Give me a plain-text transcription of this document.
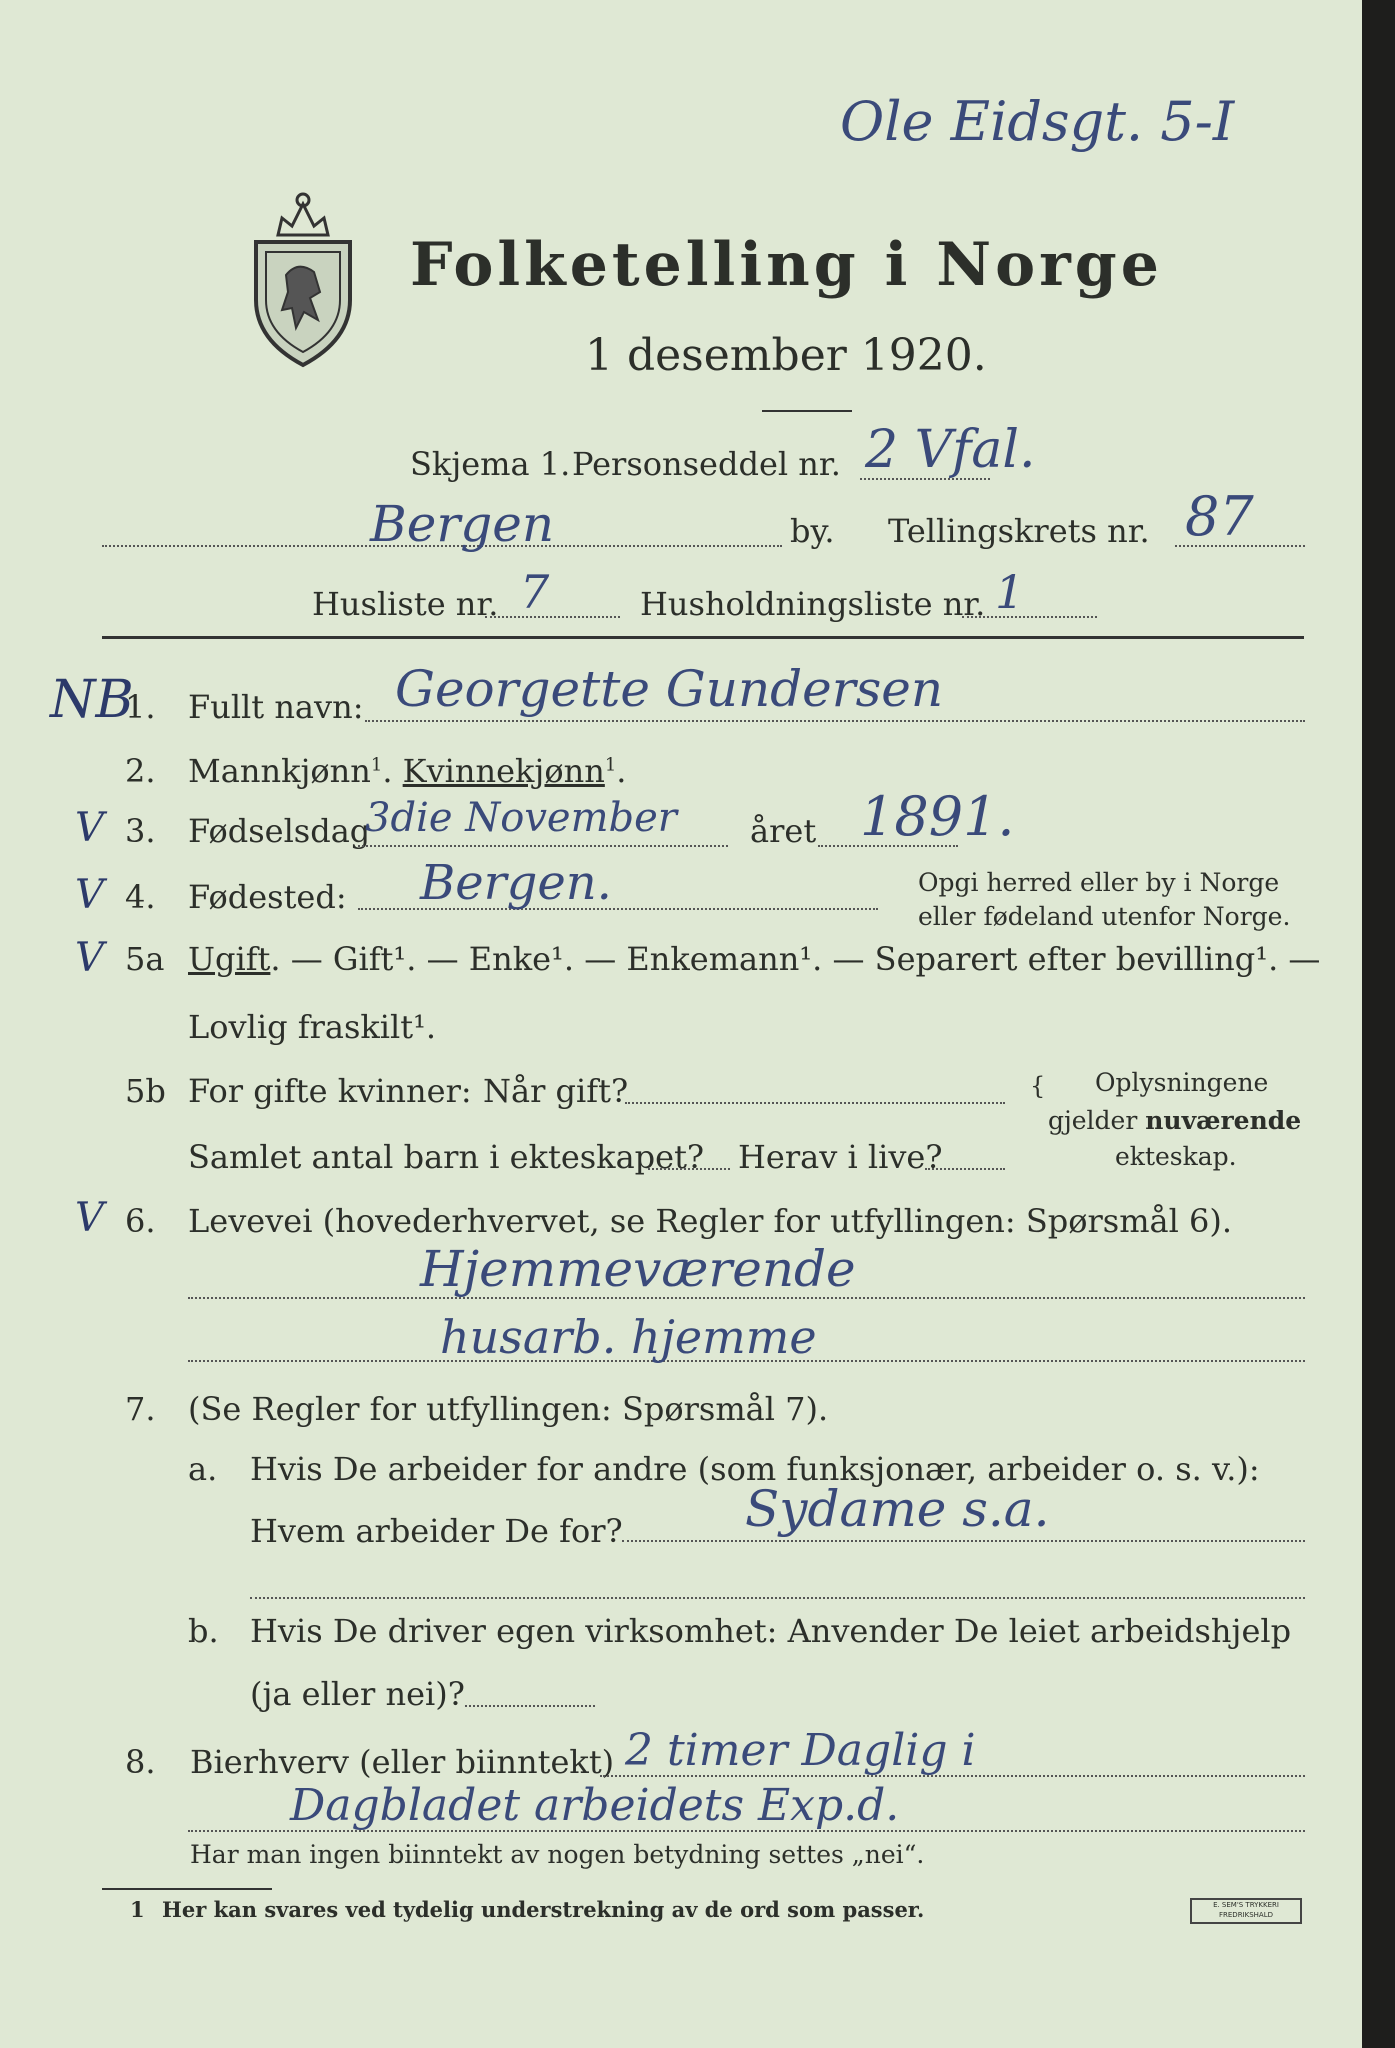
Ole Eidsgt. 5-I
Folketelling i Norge
1 desember 1920.
Skjema 1. Personseddel nr. 2 Vfal.
Bergen	by. Tellingskrets nr. 87
Husliste nr. 7	Husholdningsliste nr. 1
NB
V
V
V
V
1. Fullt navn: Georgette Gundersen
2. Mannkjønn$^1$. Kvinnekjønn$^1$.
3. Fødselsdag
3die November året 1891.
4. Fødested: Bergen.	Opgi herred eller by i Norge
eller fødeland utenfor Norge.
5a Ugift. — Gift¹. — Enke¹. — Enkemann¹. — Separert efter bevilling¹. —
Lovlig fraskilt¹.
5b For gifte kvinner: Når gift?
Samlet antal barn i ekteskapet? Herav i live?
{ Oplysningene
gjelder nuværende
ekteskap.
6. Levevei (hovederhvervet, se Regler for utfyllingen: Spørsmål 6).
Hjemmeværende
husarb. hjemme
7. (Se Regler for utfyllingen: Spørsmål 7).
a. Hvis De arbeider for andre (som funksjonær, arbeider o. s. v.):
Hvem arbeider De for? Sydame s.a.
b. Hvis De driver egen virksomhet: Anvender De leiet arbeidshjelp
(ja eller nei)?
8. Bierhverv (eller biinntekt) 2 timer Daglig i
Dagbladet arbeidets Exp.d.
Har man ingen biinntekt av nogen betydning settes „nei“.
1 Her kan svares ved tydelig understrekning av de ord som passer.	E. SEM'S TRYKKERI FREDRIKSHALD
